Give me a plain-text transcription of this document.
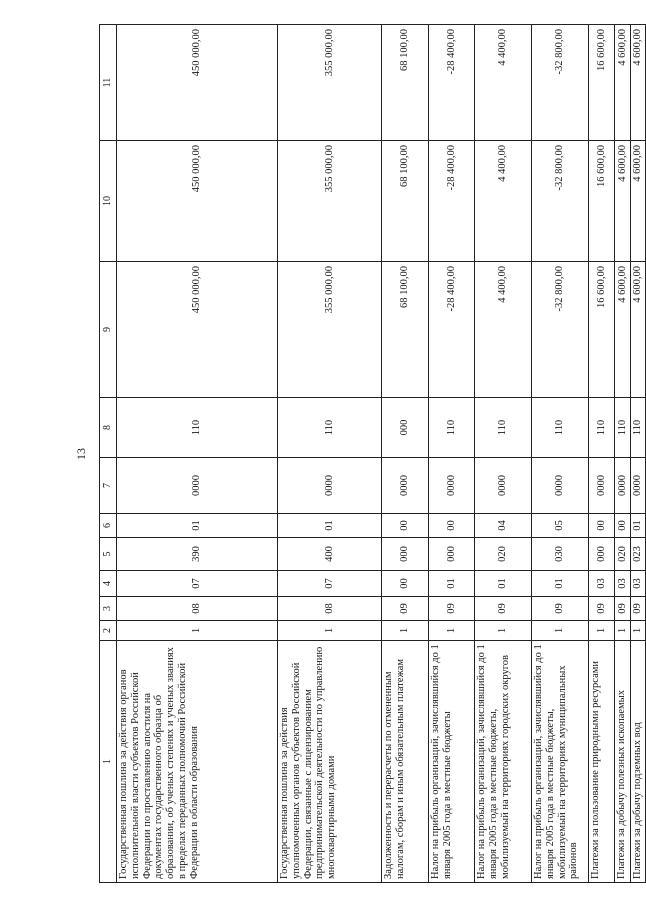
13
1	2	3	4	5	6	7	8	9	10	11
Государственная пошлина за действия органов исполнительной власти субъектов Российской Федерации по проставлению апостиля на документах государственного образца об образовании, об ученых степенях и ученых званиях в пределах переданных полномочий Российской Федерации в области образования	1	08	07	390	01	0000	110	450 000,00	450 000,00	450 000,00
Государственная пошлина за действия уполномоченных органов субъектов Российской Федерации, связанные с лицензированием предпринимательской деятельности по управлению многоквартирными домами	1	08	07	400	01	0000	110	355 000,00	355 000,00	355 000,00
Задолженность и перерасчеты по отмененным налогам, сборам и иным обязательным платежам	1	09	00	000	00	0000	000	68 100,00	68 100,00	68 100,00
Налог на прибыль организаций, зачислявшийся до 1 января 2005 года в местные бюджеты	1	09	01	000	00	0000	110	-28 400,00	-28 400,00	-28 400,00
Налог на прибыль организаций, зачислявшийся до 1 января 2005 года в местные бюджеты, мобилизуемый на территориях городских округов	1	09	01	020	04	0000	110	4 400,00	4 400,00	4 400,00
Налог на прибыль организаций, зачислявшийся до 1 января 2005 года в местные бюджеты, мобилизуемый на территориях муниципальных районов	1	09	01	030	05	0000	110	-32 800,00	-32 800,00	-32 800,00
Платежи за пользование природными ресурсами	1	09	03	000	00	0000	110	16 600,00	16 600,00	16 600,00
Платежи за добычу полезных ископаемых	1	09	03	020	00	0000	110	4 600,00	4 600,00	4 600,00
Платежи за добычу подземных вод	1	09	03	023	01	0000	110	4 600,00	4 600,00	4 600,00
